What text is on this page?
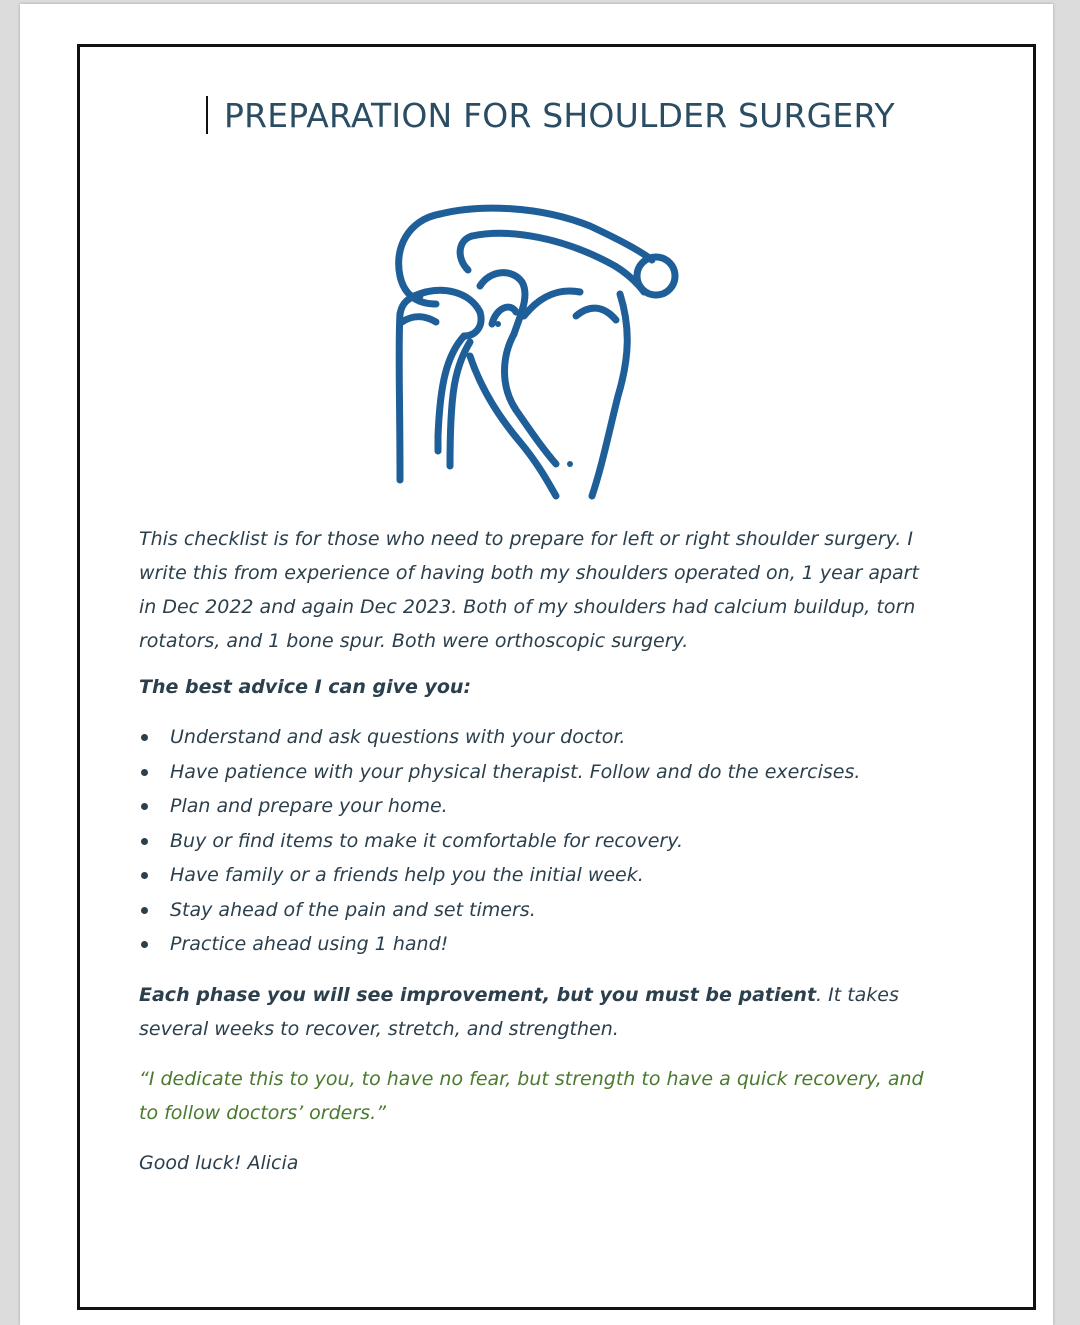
PREPARATION FOR SHOULDER SURGERY

This checklist is for those who need to prepare for left or right shoulder surgery. I write this from experience of having both my shoulders operated on, 1 year apart in Dec 2022 and again Dec 2023. Both of my shoulders had calcium buildup, torn rotators, and 1 bone spur. Both were orthoscopic surgery.

The best advice I can give you:

Understand and ask questions with your doctor.
Have patience with your physical therapist. Follow and do the exercises.
Plan and prepare your home.
Buy or find items to make it comfortable for recovery.
Have family or a friends help you the initial week.
Stay ahead of the pain and set timers.
Practice ahead using 1 hand!

Each phase you will see improvement, but you must be patient. It takes several weeks to recover, stretch, and strengthen.

“I dedicate this to you, to have no fear, but strength to have a quick recovery, and to follow doctors’ orders.”

Good luck! Alicia
